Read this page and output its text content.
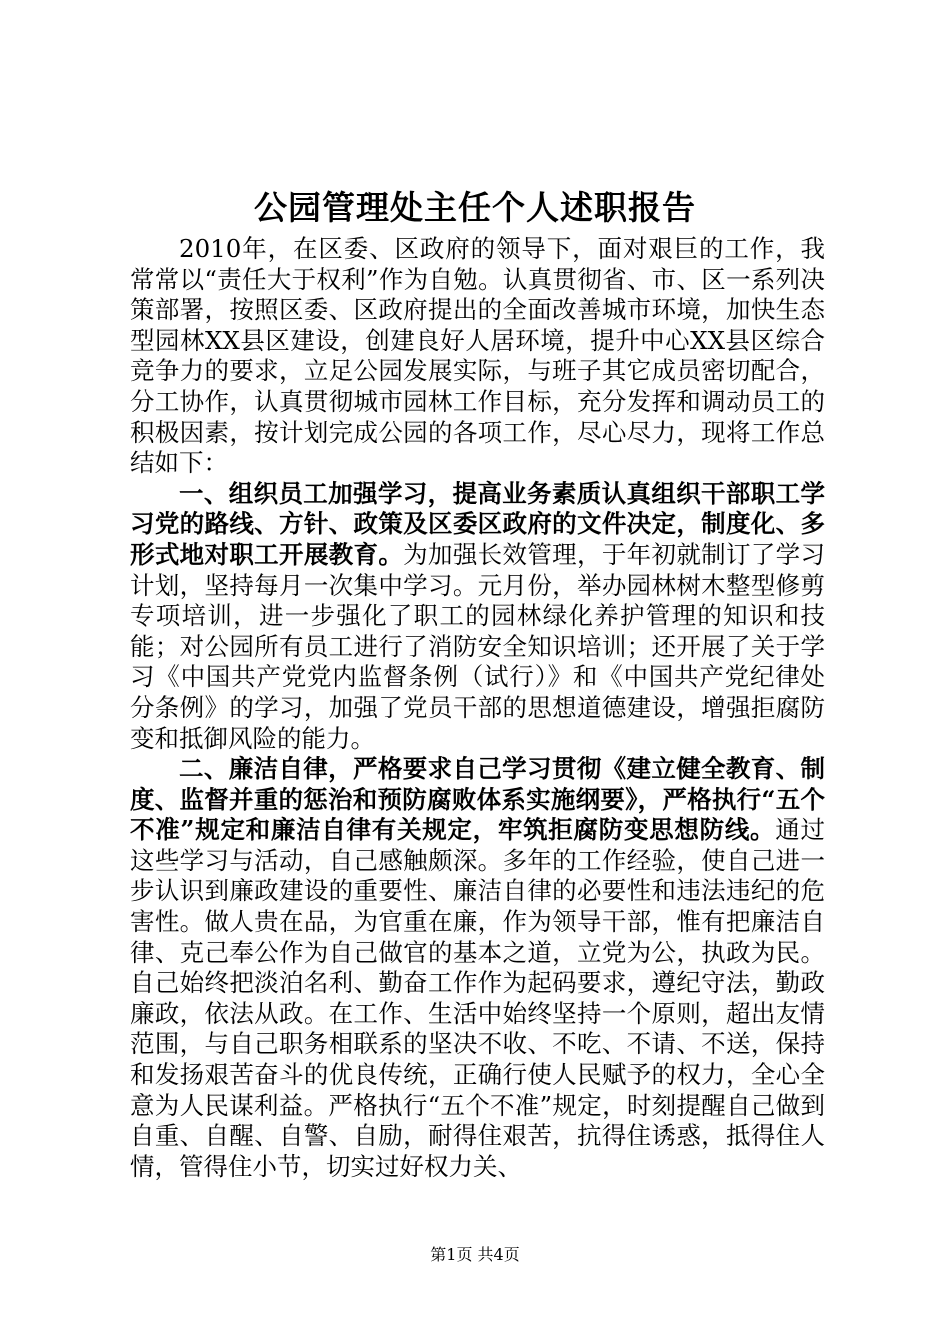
公园管理处主任个人述职报告

2010年，在区委、区政府的领导下，面对艰巨的工作，我常常以“责任大于权利”作为自勉。认真贯彻省、市、区一系列决策部署，按照区委、区政府提出的全面改善城市环境，加快生态型园林XX县区建设，创建良好人居环境，提升中心XX县区综合竞争力的要求，立足公园发展实际，与班子其它成员密切配合，分工协作，认真贯彻城市园林工作目标，充分发挥和调动员工的积极因素，按计划完成公园的各项工作，尽心尽力，现将工作总结如下：

一、组织员工加强学习，提高业务素质认真组织干部职工学习党的路线、方针、政策及区委区政府的文件决定，制度化、多形式地对职工开展教育。为加强长效管理，于年初就制订了学习计划，坚持每月一次集中学习。元月份，举办园林树木整型修剪专项培训，进一步强化了职工的园林绿化养护管理的知识和技能；对公园所有员工进行了消防安全知识培训；还开展了关于学习《中国共产党党内监督条例（试行）》和《中国共产党纪律处分条例》的学习，加强了党员干部的思想道德建设，增强拒腐防变和抵御风险的能力。

二、廉洁自律，严格要求自己学习贯彻《建立健全教育、制度、监督并重的惩治和预防腐败体系实施纲要》，严格执行“五个不准”规定和廉洁自律有关规定，牢筑拒腐防变思想防线。通过这些学习与活动，自己感触颇深。多年的工作经验，使自己进一步认识到廉政建设的重要性、廉洁自律的必要性和违法违纪的危害性。做人贵在品，为官重在廉，作为领导干部，惟有把廉洁自律、克己奉公作为自己做官的基本之道，立党为公，执政为民。自己始终把淡泊名利、勤奋工作作为起码要求，遵纪守法，勤政廉政，依法从政。在工作、生活中始终坚持一个原则，超出友情范围，与自己职务相联系的坚决不收、不吃、不请、不送，保持和发扬艰苦奋斗的优良传统，正确行使人民赋予的权力，全心全意为人民谋利益。严格执行“五个不准”规定，时刻提醒自己做到自重、自醒、自警、自励，耐得住艰苦，抗得住诱惑，抵得住人情，管得住小节，切实过好权力关、

第1页 共4页
